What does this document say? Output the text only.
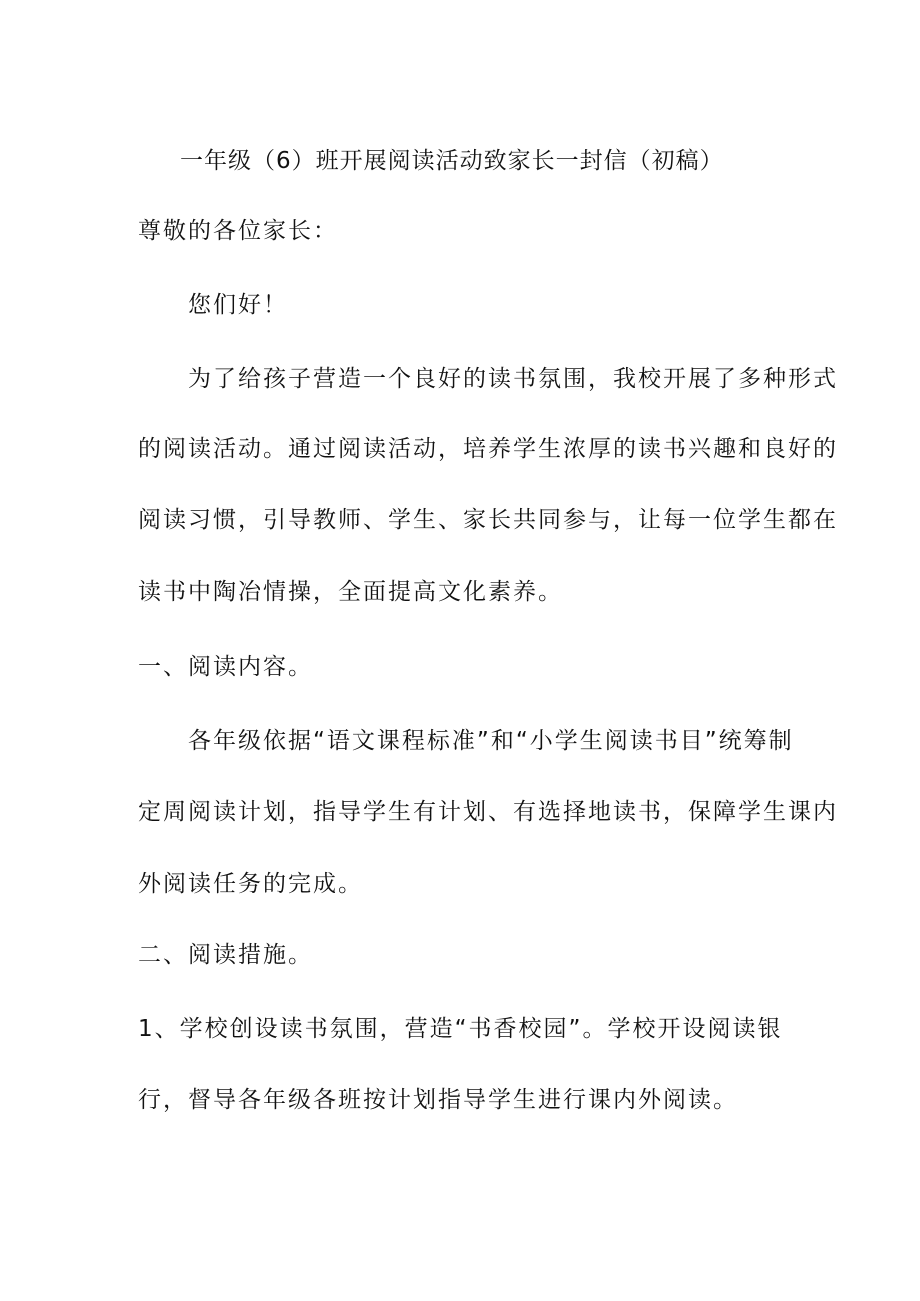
一年级（6）班开展阅读活动致家长一封信（初稿）
尊敬的各位家长：
您们好！
为了给孩子营造一个良好的读书氛围，我校开展了多种形式
的阅读活动。通过阅读活动，培养学生浓厚的读书兴趣和良好的
阅读习惯，引导教师、学生、家长共同参与，让每一位学生都在
读书中陶冶情操，全面提高文化素养。
一、阅读内容。
各年级依据“语文课程标准”和“小学生阅读书目”统筹制
定周阅读计划，指导学生有计划、有选择地读书，保障学生课内
外阅读任务的完成。
二、阅读措施。
1、学校创设读书氛围，营造“书香校园”。学校开设阅读银
行，督导各年级各班按计划指导学生进行课内外阅读。
